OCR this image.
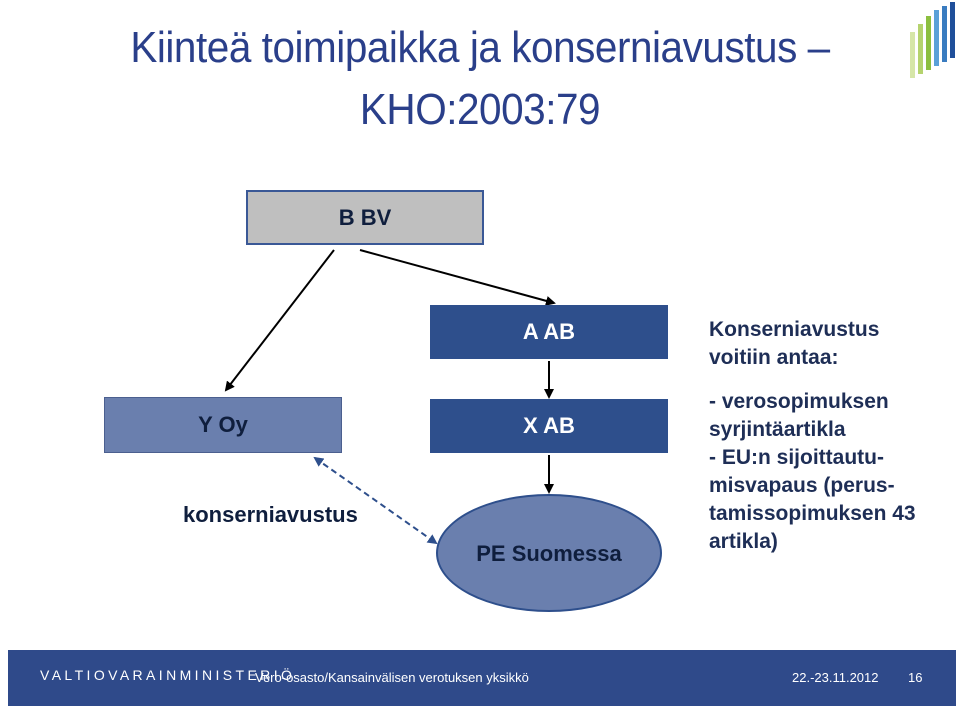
Kiinteä toimipaikka ja konserniavustus –
KHO:2003:79
B BV
A AB
X AB
Y Oy
PE Suomessa
konserniavustus
Konserniavustus
voitiin antaa:
- verosopimuksen
syrjintäartikla
- EU:n sijoittautu-
misvapaus (perus-
tamissopimuksen 43
artikla)
VALTIOVARAINMINISTERIÖ
Vero-osasto/Kansainvälisen verotuksen yksikkö	22.-23.11.2012 16
